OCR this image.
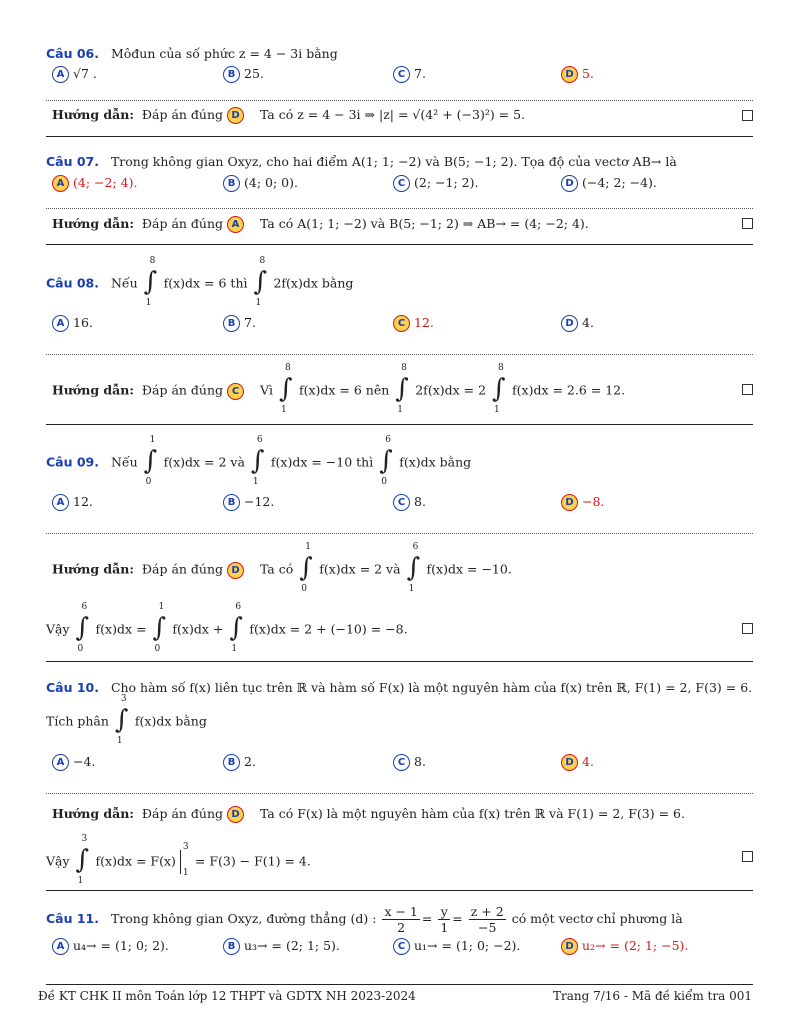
Câu 06. Môđun của số phức z = 4 − 3i bằng
A √7 .	B 25.	C 7.	D 5.
Hướng dẫn: Đáp án đúng D Ta có z = 4 − 3i ⇒ |z| = √(4² + (−3)²) = 5.
Câu 07. Trong không gian Oxyz, cho hai điểm A(1; 1; −2) và B(5; −1; 2). Tọa độ của vectơ AB→ là
A (4; −2; 4).	B (4; 0; 0).	C (2; −1; 2).	D (−4; 2; −4).
Hướng dẫn: Đáp án đúng A Ta có A(1; 1; −2) và B(5; −1; 2) ⇒ AB→ = (4; −2; 4).
Câu 08. Nếu ∫
8
1
f(x)dx = 6 thì ∫
8
1
2f(x)dx bằng
A 16.	B 7.	C 12.	D 4.
Hướng dẫn: Đáp án đúng C Vì ∫
8
1
f(x)dx = 6 nên ∫
8
1
2f(x)dx = 2 ∫
8
1
f(x)dx = 2.6 = 12.
Câu 09. Nếu ∫
1
0
f(x)dx = 2 và ∫
6
1
f(x)dx = −10 thì ∫
6
0
f(x)dx bằng
A 12.	B −12.	C 8.	D −8.
Hướng dẫn: Đáp án đúng D Ta có ∫
1
0
f(x)dx = 2 và ∫
6
1
f(x)dx = −10.
Vậy ∫
6
0
f(x)dx = ∫
1
0
f(x)dx + ∫
6
1
f(x)dx = 2 + (−10) = −8.
Câu 10. Cho hàm số f(x) liên tục trên ℝ và hàm số F(x) là một nguyên hàm của f(x) trên ℝ, F(1) = 2, F(3) = 6.
Tích phân ∫
3
1
f(x)dx bằng
A −4.	B 2.	C 8.	D 4.
Hướng dẫn: Đáp án đúng D Ta có F(x) là một nguyên hàm của f(x) trên ℝ và F(1) = 2, F(3) = 6.
Vậy ∫
3
1
f(x)dx = F(x)
3
1
= F(3) − F(1) = 4.
Câu 11. Trong không gian Oxyz, đường thẳng (d) : $\frac{x - 1}{2} = \frac{y}{1} = \frac{z + 2}{-5}$ có một vectơ chỉ phương là
A u₄→ = (1; 0; 2).	B u₃→ = (2; 1; 5).	C u₁→ = (1; 0; −2).	D u₂→ = (2; 1; −5).
Đề KT CHK II môn Toán lớp 12 THPT và GDTX NH 2023-2024	Trang 7/16 - Mã đề kiểm tra 001
